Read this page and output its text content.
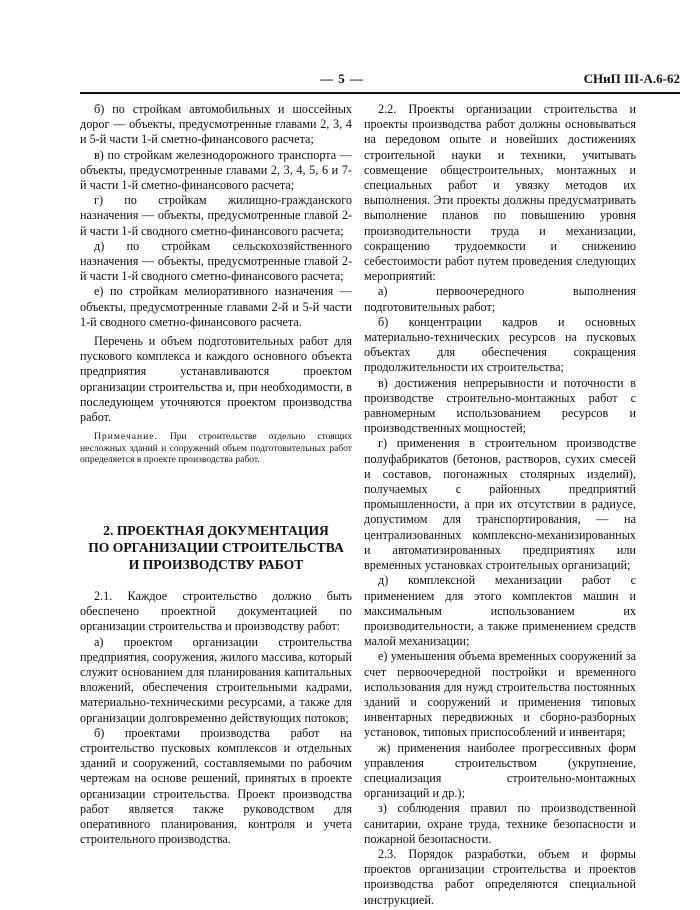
— 5 —	СНиП III-А.6-62

б) по стройкам автомобильных и шоссейных дорог — объекты, предусмотренные главами 2, 3, 4 и 5-й части 1-й сметно-финансового расчета;

в) по стройкам железнодорожного транспорта — объекты, предусмотренные главами 2, 3, 4, 5, 6 и 7-й части 1-й сметно-финансового расчета;

г) по стройкам жилищно-гражданского назначения — объекты, предусмотренные главой 2-й части 1-й сводного сметно-финансового расчета;

д) по стройкам сельскохозяйственного назначения — объекты, предусмотренные главой 2-й части 1-й сводного сметно-финансового расчета;

е) по стройкам мелиоративного назначения — объекты, предусмотренные главами 2-й и 5-й части 1-й сводного сметно-финансового расчета.

Перечень и объем подготовительных работ для пускового комплекса и каждого основного объекта предприятия устанавливаются проектом организации строительства и, при необходимости, в последующем уточняются проектом производства работ.

Примечание. При строительстве отдельно стоящих несложных зданий и сооружений объем подготовительных работ определяется в проекте производства работ.

2. ПРОЕКТНАЯ ДОКУМЕНТАЦИЯ
ПО ОРГАНИЗАЦИИ СТРОИТЕЛЬСТВА
И ПРОИЗВОДСТВУ РАБОТ

2.1. Каждое строительство должно быть обеспечено проектной документацией по организации строительства и производству работ:

а) проектом организации строительства предприятия, сооружения, жилого массива, который служит основанием для планирования капитальных вложений, обеспечения строительными кадрами, материально-техническими ресурсами, а также для организации долговременно действующих потоков;

б) проектами производства работ на строительство пусковых комплексов и отдельных зданий и сооружений, составляемыми по рабочим чертежам на основе решений, принятых в проекте организации строительства. Проект производства работ является также руководством для оперативного планирования, контроля и учета строительного производства.

2.2. Проекты организации строительства и проекты производства работ должны основываться на передовом опыте и новейших достижениях строительной науки и техники, учитывать совмещение общестроительных, монтажных и специальных работ и увязку методов их выполнения. Эти проекты должны предусматривать выполнение планов по повышению уровня производительности труда и механизации, сокращению трудоемкости и снижению себестоимости работ путем проведения следующих мероприятий:

а) первоочередного выполнения подготовительных работ;

б) концентрации кадров и основных материально-технических ресурсов на пусковых объектах для обеспечения сокращения продолжительности их строительства;

в) достижения непрерывности и поточности в производстве строительно-монтажных работ с равномерным использованием ресурсов и производственных мощностей;

г) применения в строительном производстве полуфабрикатов (бетонов, растворов, сухих смесей и составов, погонажных столярных изделий), получаемых с районных предприятий промышленности, а при их отсутствии в радиусе, допустимом для транспортирования, — на централизованных комплексно-механизированных и автоматизированных предприятиях или временных установках строительных организаций;

д) комплексной механизации работ с применением для этого комплектов машин и максимальным использованием их производительности, а также применением средств малой механизации;

е) уменьшения объема временных сооружений за счет первоочередной постройки и временного использования для нужд строительства постоянных зданий и сооружений и применения типовых инвентарных передвижных и сборно-разборных установок, типовых приспособлений и инвентаря;

ж) применения наиболее прогрессивных форм управления строительством (укрупнение, специализация строительно-монтажных организаций и др.);

з) соблюдения правил по производственной санитарии, охране труда, технике безопасности и пожарной безопасности.

2.3. Порядок разработки, объем и формы проектов организации строительства и проектов производства работ определяются специальной инструкцией.
